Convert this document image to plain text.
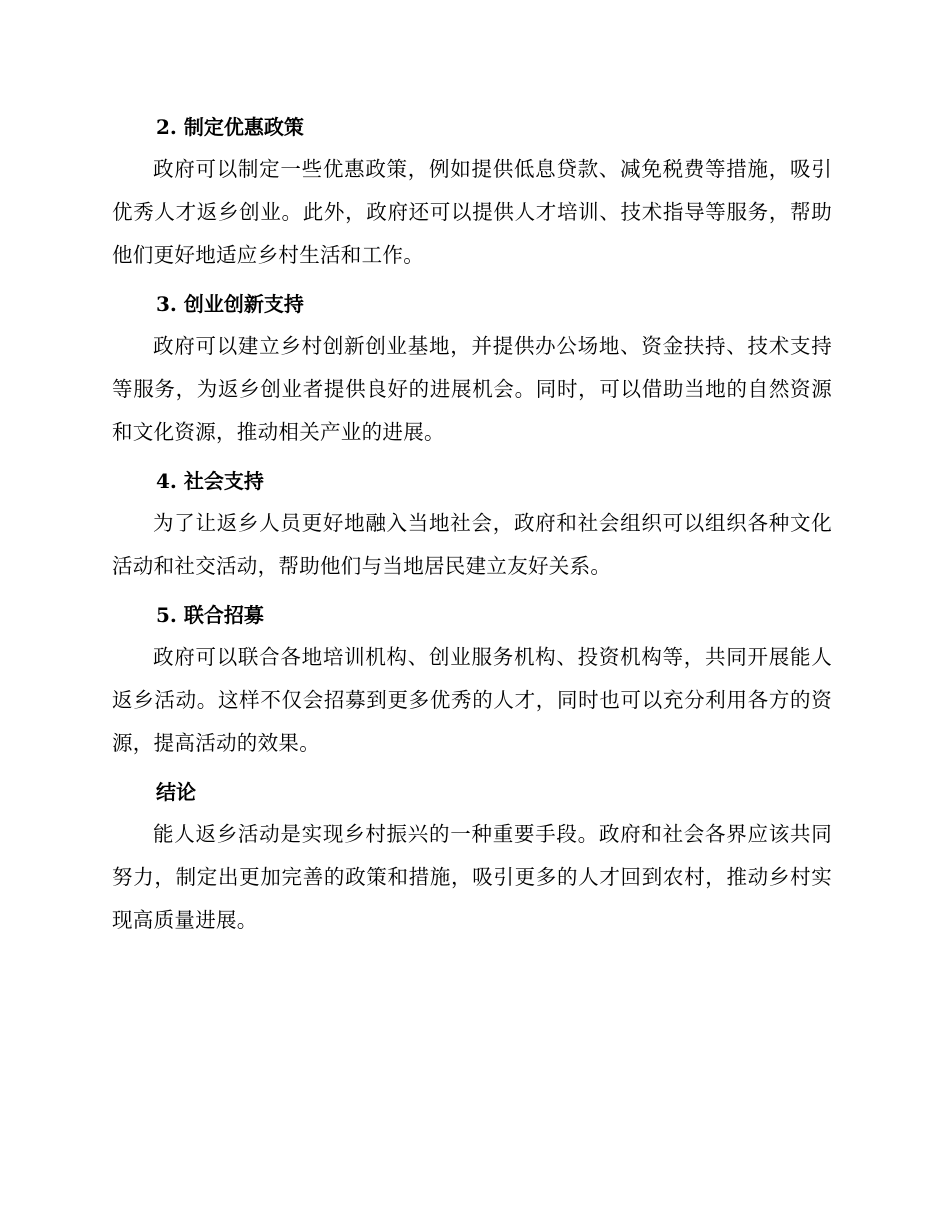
2. 制定优惠政策

政府可以制定一些优惠政策，例如提供低息贷款、减免税费等措施，吸引优秀人才返乡创业。此外，政府还可以提供人才培训、技术指导等服务，帮助他们更好地适应乡村生活和工作。

3. 创业创新支持

政府可以建立乡村创新创业基地，并提供办公场地、资金扶持、技术支持等服务，为返乡创业者提供良好的进展机会。同时，可以借助当地的自然资源和文化资源，推动相关产业的进展。

4. 社会支持

为了让返乡人员更好地融入当地社会，政府和社会组织可以组织各种文化活动和社交活动，帮助他们与当地居民建立友好关系。

5. 联合招募

政府可以联合各地培训机构、创业服务机构、投资机构等，共同开展能人返乡活动。这样不仅会招募到更多优秀的人才，同时也可以充分利用各方的资源，提高活动的效果。

结论

能人返乡活动是实现乡村振兴的一种重要手段。政府和社会各界应该共同努力，制定出更加完善的政策和措施，吸引更多的人才回到农村，推动乡村实现高质量进展。
